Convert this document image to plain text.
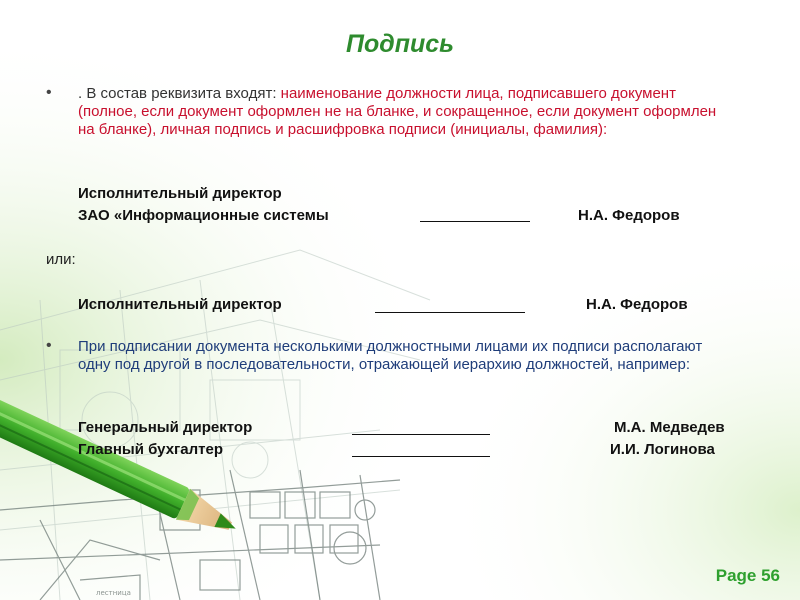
лестница
Подпись
• . В состав реквизита входят: наименование должности лица, подписавшего документ (полное, если документ оформлен не на бланке, и сокращенное, если документ оформлен на бланке), личная подпись и расшифровка подписи (инициалы, фамилия):
Исполнительный директор
ЗАО «Информационные системы	Н.А. Федоров
или:
Исполнительный директор	Н.А. Федоров
• При подписании документа несколькими должностными лицами их подписи располагают одну под другой в последовательности, отражающей иерархию должностей, например:
Генеральный директор	М.А. Медведев
Главный бухгалтер	И.И. Логинова
Page 56
